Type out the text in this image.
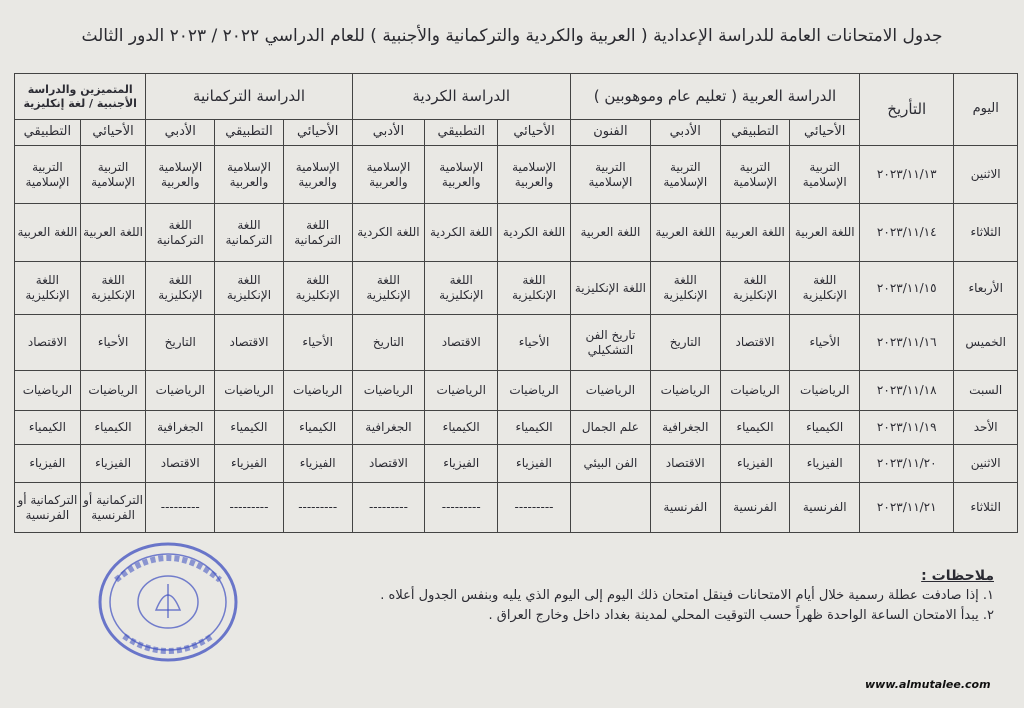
جدول الامتحانات العامة للدراسة الإعدادية ( العربية والكردية والتركمانية والأجنبية ) للعام الدراسي ٢٠٢٢ / ٢٠٢٣ الدور الثالث
اليوم	التأريخ	الدراسة العربية ( تعليم عام وموهوبين )				الدراسة الكردية			الدراسة التركمانية			المتميزين والدراسة الأجنبية / لغة إنكليزية	
		الأحيائي	التطبيقي	الأدبي	الفنون	الأحيائي	التطبيقي	الأدبي	الأحيائي	التطبيقي	الأدبي	الأحيائي	التطبيقي
الاثنين	٢٠٢٣/١١/١٣	التربية الإسلامية	التربية الإسلامية	التربية الإسلامية	التربية الإسلامية	الإسلامية والعربية	الإسلامية والعربية	الإسلامية والعربية	الإسلامية والعربية	الإسلامية والعربية	الإسلامية والعربية	التربية الإسلامية	التربية الإسلامية
الثلاثاء	٢٠٢٣/١١/١٤	اللغة العربية	اللغة العربية	اللغة العربية	اللغة العربية	اللغة الكردية	اللغة الكردية	اللغة الكردية	اللغة التركمانية	اللغة التركمانية	اللغة التركمانية	اللغة العربية	اللغة العربية
الأربعاء	٢٠٢٣/١١/١٥	اللغة الإنكليزية	اللغة الإنكليزية	اللغة الإنكليزية	اللغة الإنكليزية	اللغة الإنكليزية	اللغة الإنكليزية	اللغة الإنكليزية	اللغة الإنكليزية	اللغة الإنكليزية	اللغة الإنكليزية	اللغة الإنكليزية	اللغة الإنكليزية
الخميس	٢٠٢٣/١١/١٦	الأحياء	الاقتصاد	التاريخ	تاريخ الفن التشكيلي	الأحياء	الاقتصاد	التاريخ	الأحياء	الاقتصاد	التاريخ	الأحياء	الاقتصاد
السبت	٢٠٢٣/١١/١٨	الرياضيات	الرياضيات	الرياضيات	الرياضيات	الرياضيات	الرياضيات	الرياضيات	الرياضيات	الرياضيات	الرياضيات	الرياضيات	الرياضيات
الأحد	٢٠٢٣/١١/١٩	الكيمياء	الكيمياء	الجغرافية	علم الجمال	الكيمياء	الكيمياء	الجغرافية	الكيمياء	الكيمياء	الجغرافية	الكيمياء	الكيمياء
الاثنين	٢٠٢٣/١١/٢٠	الفيزياء	الفيزياء	الاقتصاد	الفن البيئي	الفيزياء	الفيزياء	الاقتصاد	الفيزياء	الفيزياء	الاقتصاد	الفيزياء	الفيزياء
الثلاثاء	٢٠٢٣/١١/٢١	الفرنسية	الفرنسية	الفرنسية		---------	---------	---------	---------	---------	---------	التركمانية أو الفرنسية	التركمانية أو الفرنسية
ملاحظات :
١. إذا صادفت عطلة رسمية خلال أيام الامتحانات فينقل امتحان ذلك اليوم إلى اليوم الذي يليه وبنفس الجدول أعلاه .
٢. يبدأ الامتحان الساعة الواحدة ظهراً حسب التوقيت المحلي لمدينة بغداد داخل وخارج العراق .
www.almutalee.com
